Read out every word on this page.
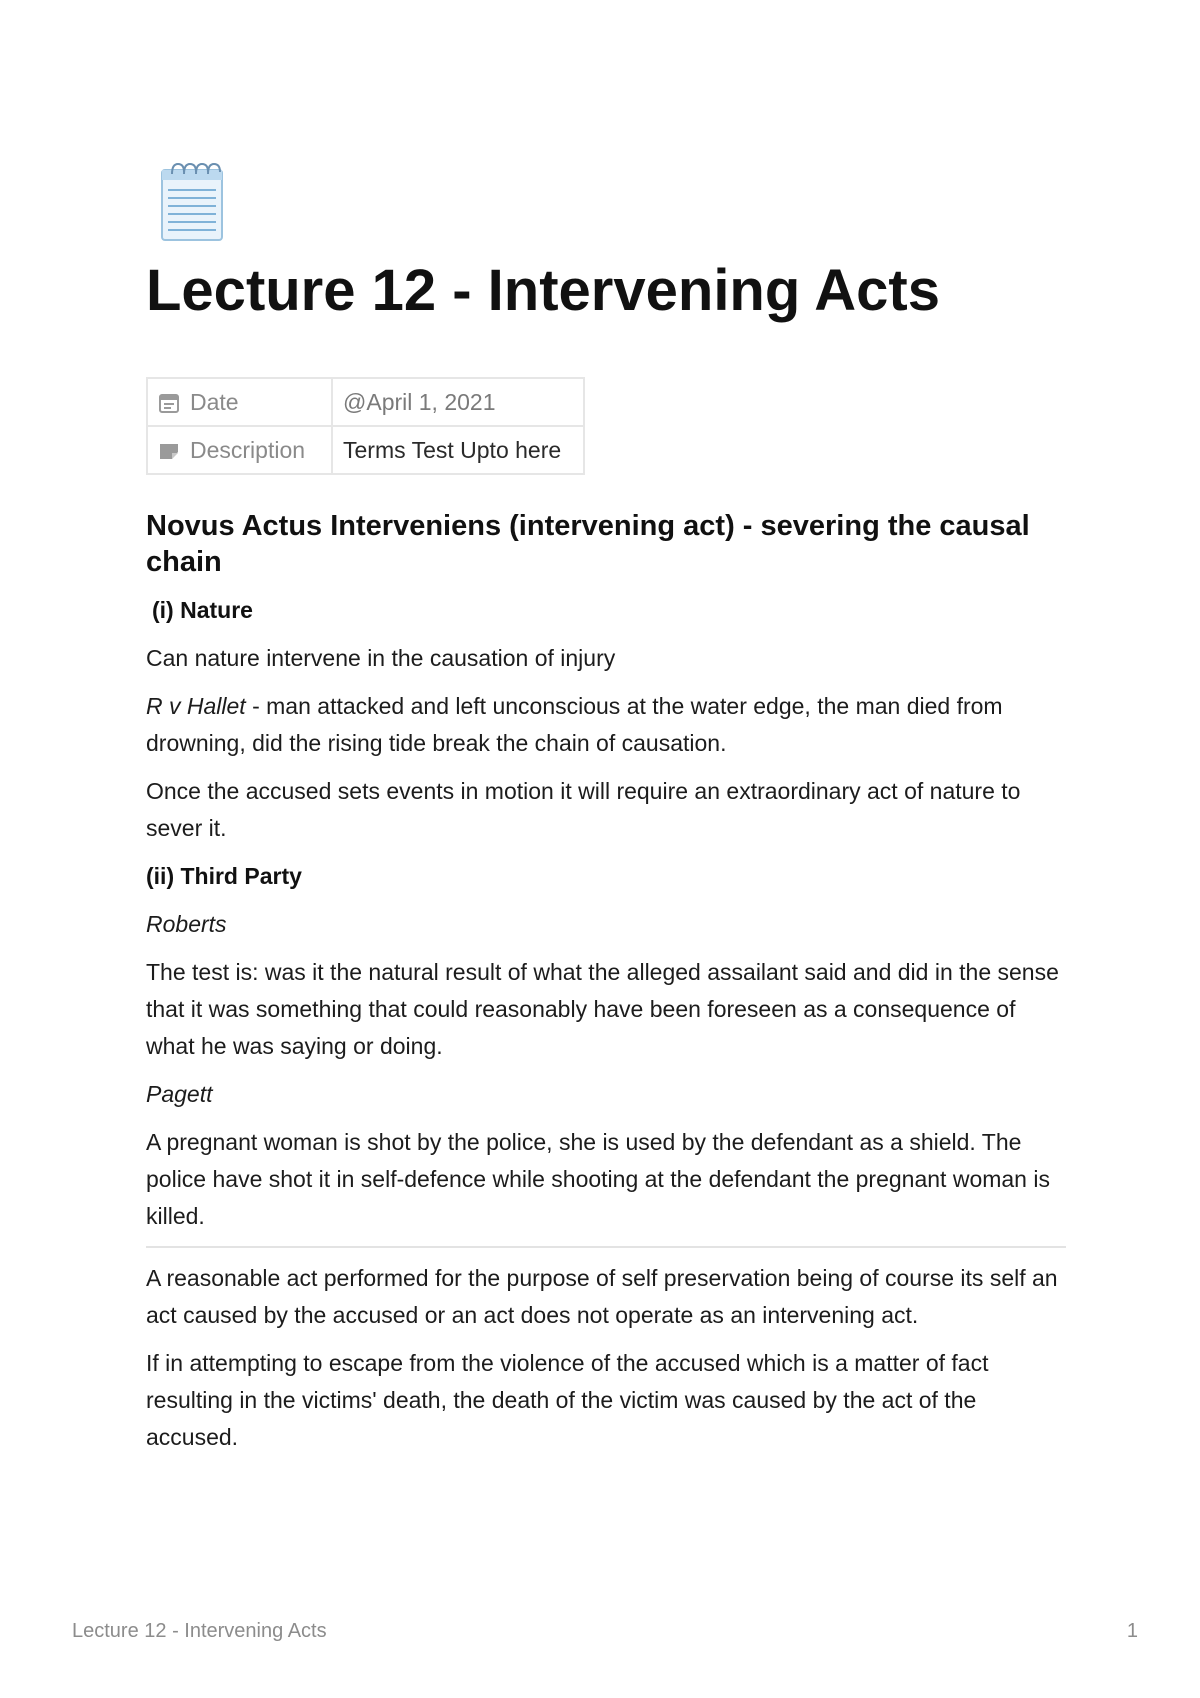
Lecture 12 - Intervening Acts
Date	@April 1, 2021
Description	Terms Test Upto here
Novus Actus Interveniens (intervening act) - severing the causal chain

(i) Nature

Can nature intervene in the causation of injury

R v Hallet - man attacked and left unconscious at the water edge, the man died from drowning, did the rising tide break the chain of causation.

Once the accused sets events in motion it will require an extraordinary act of nature to sever it.

(ii) Third Party

Roberts

The test is: was it the natural result of what the alleged assailant said and did in the sense that it was something that could reasonably have been foreseen as a consequence of what he was saying or doing.

Pagett

A pregnant woman is shot by the police, she is used by the defendant as a shield. The police have shot it in self-defence while shooting at the defendant the pregnant woman is killed.

A reasonable act performed for the purpose of self preservation being of course its self an act caused by the accused or an act does not operate as an intervening act.

If in attempting to escape from the violence of the accused which is a matter of fact resulting in the victims' death, the death of the victim was caused by the act of the accused.

Lecture 12 - Intervening Acts	1
